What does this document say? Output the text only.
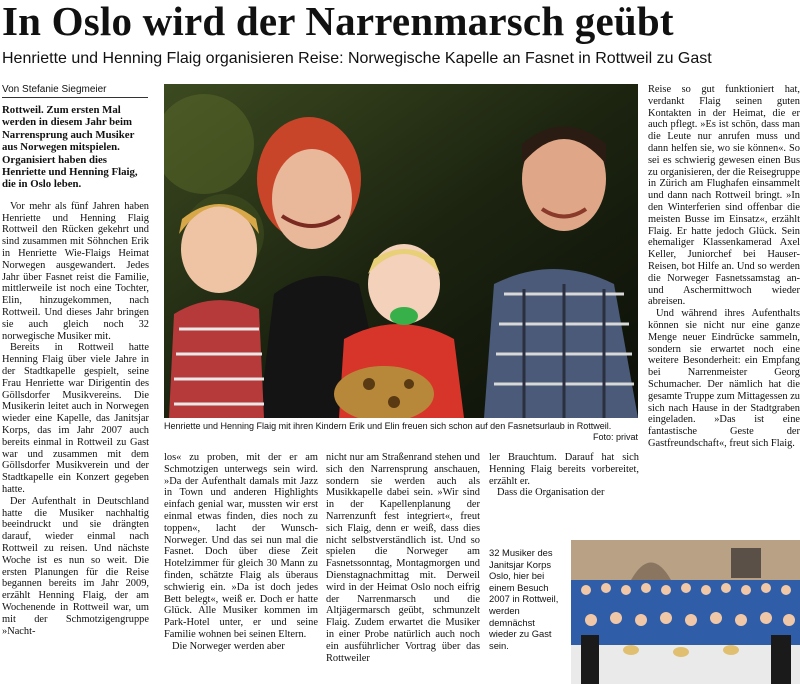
In Oslo wird der Narrenmarsch geübt
Henriette und Henning Flaig organisieren Reise: Norwegische Kapelle an Fasnet in Rottweil zu Gast
Von Stefanie Siegmeier

Rottweil. Zum ersten Mal werden in diesem Jahr beim Narrensprung auch Musiker aus Norwegen mitspielen. Organisiert haben dies Henriette und Henning Flaig, die in Oslo leben.

Vor mehr als fünf Jahren haben Henriette und Henning Flaig Rottweil den Rücken gekehrt und sind zusammen mit Söhnchen Erik in Henriette Wie-Flaigs Heimat Norwegen ausgewandert. Jedes Jahr über Fasnet reist die Familie, mittlerweile ist noch eine Tochter, Elin, hinzugekommen, nach Rottweil. Und dieses Jahr bringen sie auch gleich noch 32 norwegische Musiker mit.

Bereits in Rottweil hatte Henning Flaig über viele Jahre in der Stadtkapelle gespielt, seine Frau Henriette war Dirigentin des Göllsdorfer Musikvereins. Die Musikerin leitet auch in Norwegen wieder eine Kapelle, das Janitsjar Korps, das im Jahr 2007 auch bereits einmal in Rottweil zu Gast war und zusammen mit dem Göllsdorfer Musikverein und der Stadtkapelle ein Konzert gegeben hatte.

Der Aufenthalt in Deutschland hatte die Musiker nachhaltig beeindruckt und sie drängten darauf, wieder einmal nach Rottweil zu reisen. Und nächste Woche ist es nun so weit. Die ersten Planungen für die Reise begannen bereits im Jahr 2009, erzählt Henning Flaig, der am Wochenende in Rottweil war, um mit der Schmotzigengruppe »Nacht-

Henriette und Henning Flaig mit ihren Kindern Erik und Elin freuen sich schon auf den Fasnetsurlaub in Rottweil.
Foto: privat

los« zu proben, mit der er am Schmotzigen unterwegs sein wird. »Da der Aufenthalt damals mit Jazz in Town und anderen Highlights einfach genial war, mussten wir erst einmal etwas finden, dies noch zu toppen«, lacht der Wunsch-Norweger. Und das sei nun mal die Fasnet. Doch über diese Zeit Hotelzimmer für gleich 30 Mann zu finden, schätzte Flaig als überaus schwierig ein. »Da ist doch jedes Bett belegt«, weiß er. Doch er hatte Glück. Alle Musiker kommen im Park-Hotel unter, er und seine Familie wohnen bei seinen Eltern.

Die Norweger werden aber

nicht nur am Straßenrand stehen und sich den Narrensprung anschauen, sondern sie werden auch als Musikkapelle dabei sein. »Wir sind in der Kapellenplanung der Narrenzunft fest integriert«, freut sich Flaig, denn er weiß, dass dies nicht selbstverständlich ist. Und so spielen die Norweger am Fasnetssonntag, Montagmorgen und Dienstagnachmittag mit. Derweil wird in der Heimat Oslo noch eifrig der Narrenmarsch und die Altjägermarsch geübt, schmunzelt Flaig. Zudem erwartet die Musiker in einer Probe natürlich auch noch ein ausführlicher Vortrag über das Rottweiler

ler Brauchtum. Darauf hat sich Henning Flaig bereits vorbereitet, erzählt er.

Dass die Organisation der

32 Musiker des Janitsjar Korps Oslo, hier bei einem Besuch 2007 in Rottweil, werden demnächst wieder zu Gast sein.

Reise so gut funktioniert hat, verdankt Flaig seinen guten Kontakten in der Heimat, die er auch pflegt. »Es ist schön, dass man die Leute nur anrufen muss und dann helfen sie, wo sie können«. So sei es schwierig gewesen einen Bus zu organisieren, der die Reisegruppe in Zürich am Flughafen einsammelt und dann nach Rottweil bringt. »In den Winterferien sind offenbar die meisten Busse im Einsatz«, erzählt Flaig. Er hatte jedoch Glück. Sein ehemaliger Klassenkamerad Axel Keller, Juniorchef bei Hauser-Reisen, bot Hilfe an. Und so werden die Norweger Fasnetssamstag an- und Aschermittwoch wieder abreisen.

Und während ihres Aufenthalts können sie nicht nur eine ganze Menge neuer Eindrücke sammeln, sondern sie erwartet noch eine weitere Besonderheit: ein Empfang bei Narrenmeister Georg Schumacher. Der nämlich hat die gesamte Truppe zum Mittagessen zu sich nach Hause in der Stadtgraben eingeladen. »Das ist eine fantastische Geste der Gastfreundschaft«, freut sich Flaig.
